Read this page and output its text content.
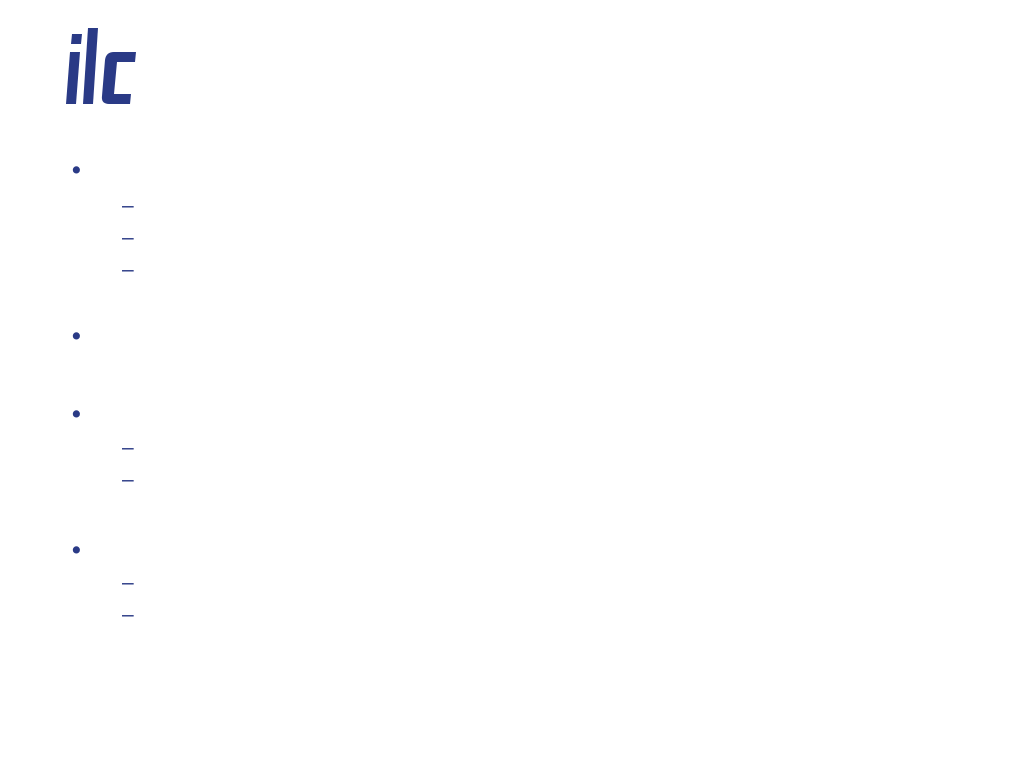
•
–
–
–
•
•
–
–
•
–
–
